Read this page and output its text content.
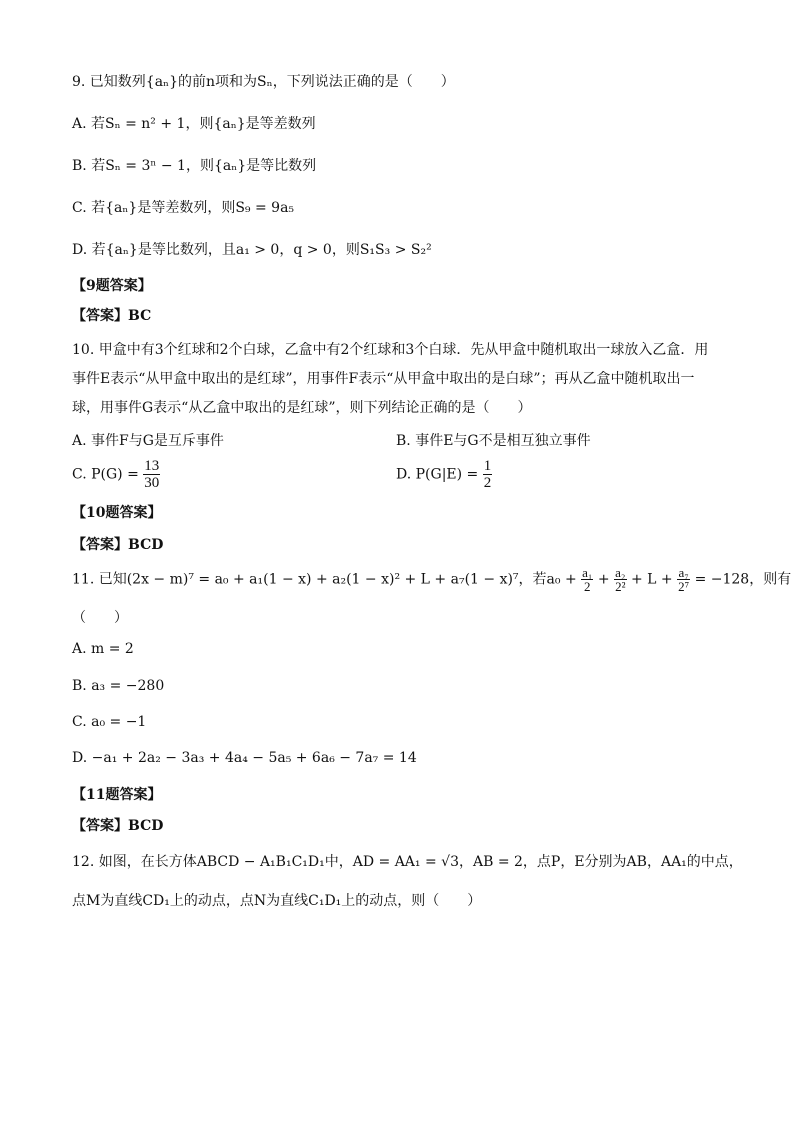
9. 已知数列{aₙ}的前n项和为Sₙ，下列说法正确的是（　　）
A. 若Sₙ = n² + 1，则{aₙ}是等差数列
B. 若Sₙ = 3ⁿ − 1，则{aₙ}是等比数列
C. 若{aₙ}是等差数列，则S₉ = 9a₅
D. 若{aₙ}是等比数列，且a₁ > 0，q > 0，则S₁S₃ > S₂²
【9题答案】
【答案】BC
10. 甲盒中有3个红球和2个白球，乙盒中有2个红球和3个白球．先从甲盒中随机取出一球放入乙盒．用
事件E表示“从甲盒中取出的是红球”，用事件F表示“从甲盒中取出的是白球”；再从乙盒中随机取出一
球，用事件G表示“从乙盒中取出的是红球”，则下列结论正确的是（　　）
A. 事件F与G是互斥事件	B. 事件E与G不是相互独立事件
C. $P(G) = \frac{13}{30}$	D. $P(G|E) = \frac{1}{2}$
【10题答案】
【答案】BCD
11. 已知(2x − m)⁷ = a₀ + a₁(1 − x) + a₂(1 − x)² + L + a₇(1 − x)⁷，若$a_0 + \frac{\text{a₁}}{2} + \frac{\text{a₂}}{\text{2²}} + L + \frac{\text{a₇}}{\text{2⁷}} = -128$，则有
（　　）
A. m = 2
B. a₃ = −280
C. a₀ = −1
D. −a₁ + 2a₂ − 3a₃ + 4a₄ − 5a₅ + 6a₆ − 7a₇ = 14
【11题答案】
【答案】BCD
12. 如图，在长方体ABCD − A₁B₁C₁D₁中，AD = AA₁ = √3，AB = 2，点P，E分别为AB，AA₁的中点，
点M为直线CD₁上的动点，点N为直线C₁D₁上的动点，则（　　）
